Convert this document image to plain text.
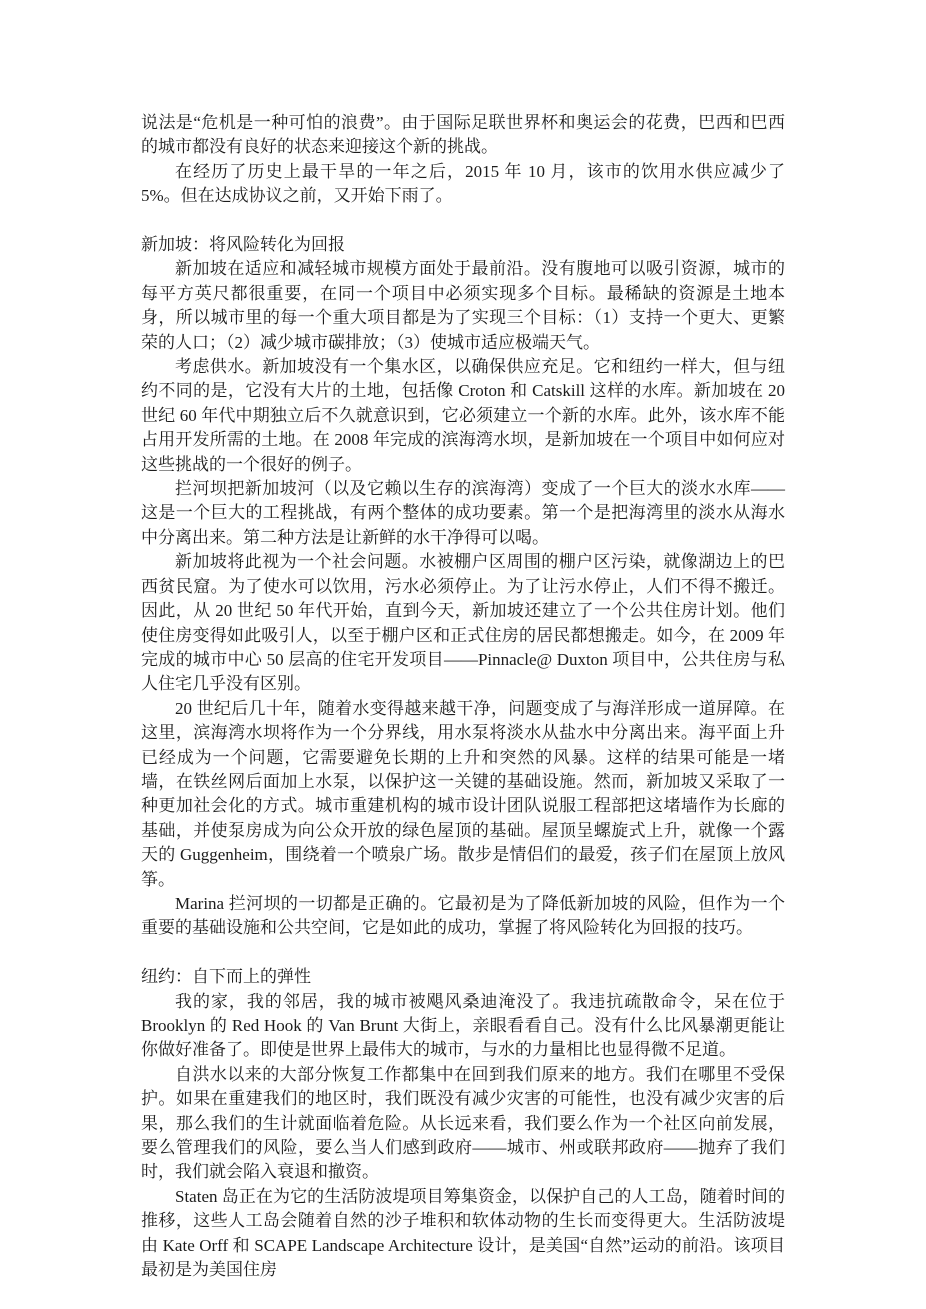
说法是“危机是一种可怕的浪费”。由于国际足联世界杯和奥运会的花费，巴西和巴西的城市都没有良好的状态来迎接这个新的挑战。

在经历了历史上最干旱的一年之后，2015 年 10 月，该市的饮用水供应减少了 5%。但在达成协议之前，又开始下雨了。

新加坡：将风险转化为回报

新加坡在适应和减轻城市规模方面处于最前沿。没有腹地可以吸引资源，城市的每平方英尺都很重要，在同一个项目中必须实现多个目标。最稀缺的资源是土地本身，所以城市里的每一个重大项目都是为了实现三个目标：（1）支持一个更大、更繁荣的人口；（2）减少城市碳排放；（3）使城市适应极端天气。

考虑供水。新加坡没有一个集水区，以确保供应充足。它和纽约一样大，但与纽约不同的是，它没有大片的土地，包括像 Croton 和 Catskill 这样的水库。新加坡在 20 世纪 60 年代中期独立后不久就意识到，它必须建立一个新的水库。此外，该水库不能占用开发所需的土地。在 2008 年完成的滨海湾水坝，是新加坡在一个项目中如何应对这些挑战的一个很好的例子。

拦河坝把新加坡河（以及它赖以生存的滨海湾）变成了一个巨大的淡水水库——这是一个巨大的工程挑战，有两个整体的成功要素。第一个是把海湾里的淡水从海水中分离出来。第二种方法是让新鲜的水干净得可以喝。

新加坡将此视为一个社会问题。水被棚户区周围的棚户区污染，就像湖边上的巴西贫民窟。为了使水可以饮用，污水必须停止。为了让污水停止，人们不得不搬迁。因此，从 20 世纪 50 年代开始，直到今天，新加坡还建立了一个公共住房计划。他们使住房变得如此吸引人，以至于棚户区和正式住房的居民都想搬走。如今，在 2009 年完成的城市中心 50 层高的住宅开发项目——Pinnacle@ Duxton 项目中，公共住房与私人住宅几乎没有区别。

20 世纪后几十年，随着水变得越来越干净，问题变成了与海洋形成一道屏障。在这里，滨海湾水坝将作为一个分界线，用水泵将淡水从盐水中分离出来。海平面上升已经成为一个问题，它需要避免长期的上升和突然的风暴。这样的结果可能是一堵墙，在铁丝网后面加上水泵，以保护这一关键的基础设施。然而，新加坡又采取了一种更加社会化的方式。城市重建机构的城市设计团队说服工程部把这堵墙作为长廊的基础，并使泵房成为向公众开放的绿色屋顶的基础。屋顶呈螺旋式上升，就像一个露天的 Guggenheim，围绕着一个喷泉广场。散步是情侣们的最爱，孩子们在屋顶上放风筝。

Marina 拦河坝的一切都是正确的。它最初是为了降低新加坡的风险，但作为一个重要的基础设施和公共空间，它是如此的成功，掌握了将风险转化为回报的技巧。

纽约：自下而上的弹性

我的家，我的邻居，我的城市被飓风桑迪淹没了。我违抗疏散命令，呆在位于 Brooklyn 的 Red Hook 的 Van Brunt 大街上，亲眼看看自己。没有什么比风暴潮更能让你做好准备了。即使是世界上最伟大的城市，与水的力量相比也显得微不足道。

自洪水以来的大部分恢复工作都集中在回到我们原来的地方。我们在哪里不受保护。如果在重建我们的地区时，我们既没有减少灾害的可能性，也没有减少灾害的后果，那么我们的生计就面临着危险。从长远来看，我们要么作为一个社区向前发展，要么管理我们的风险，要么当人们感到政府——城市、州或联邦政府——抛弃了我们时，我们就会陷入衰退和撤资。

Staten 岛正在为它的生活防波堤项目筹集资金，以保护自己的人工岛，随着时间的推移，这些人工岛会随着自然的沙子堆积和软体动物的生长而变得更大。生活防波堤由 Kate Orff 和 SCAPE Landscape Architecture 设计，是美国“自然”运动的前沿。该项目最初是为美国住房
